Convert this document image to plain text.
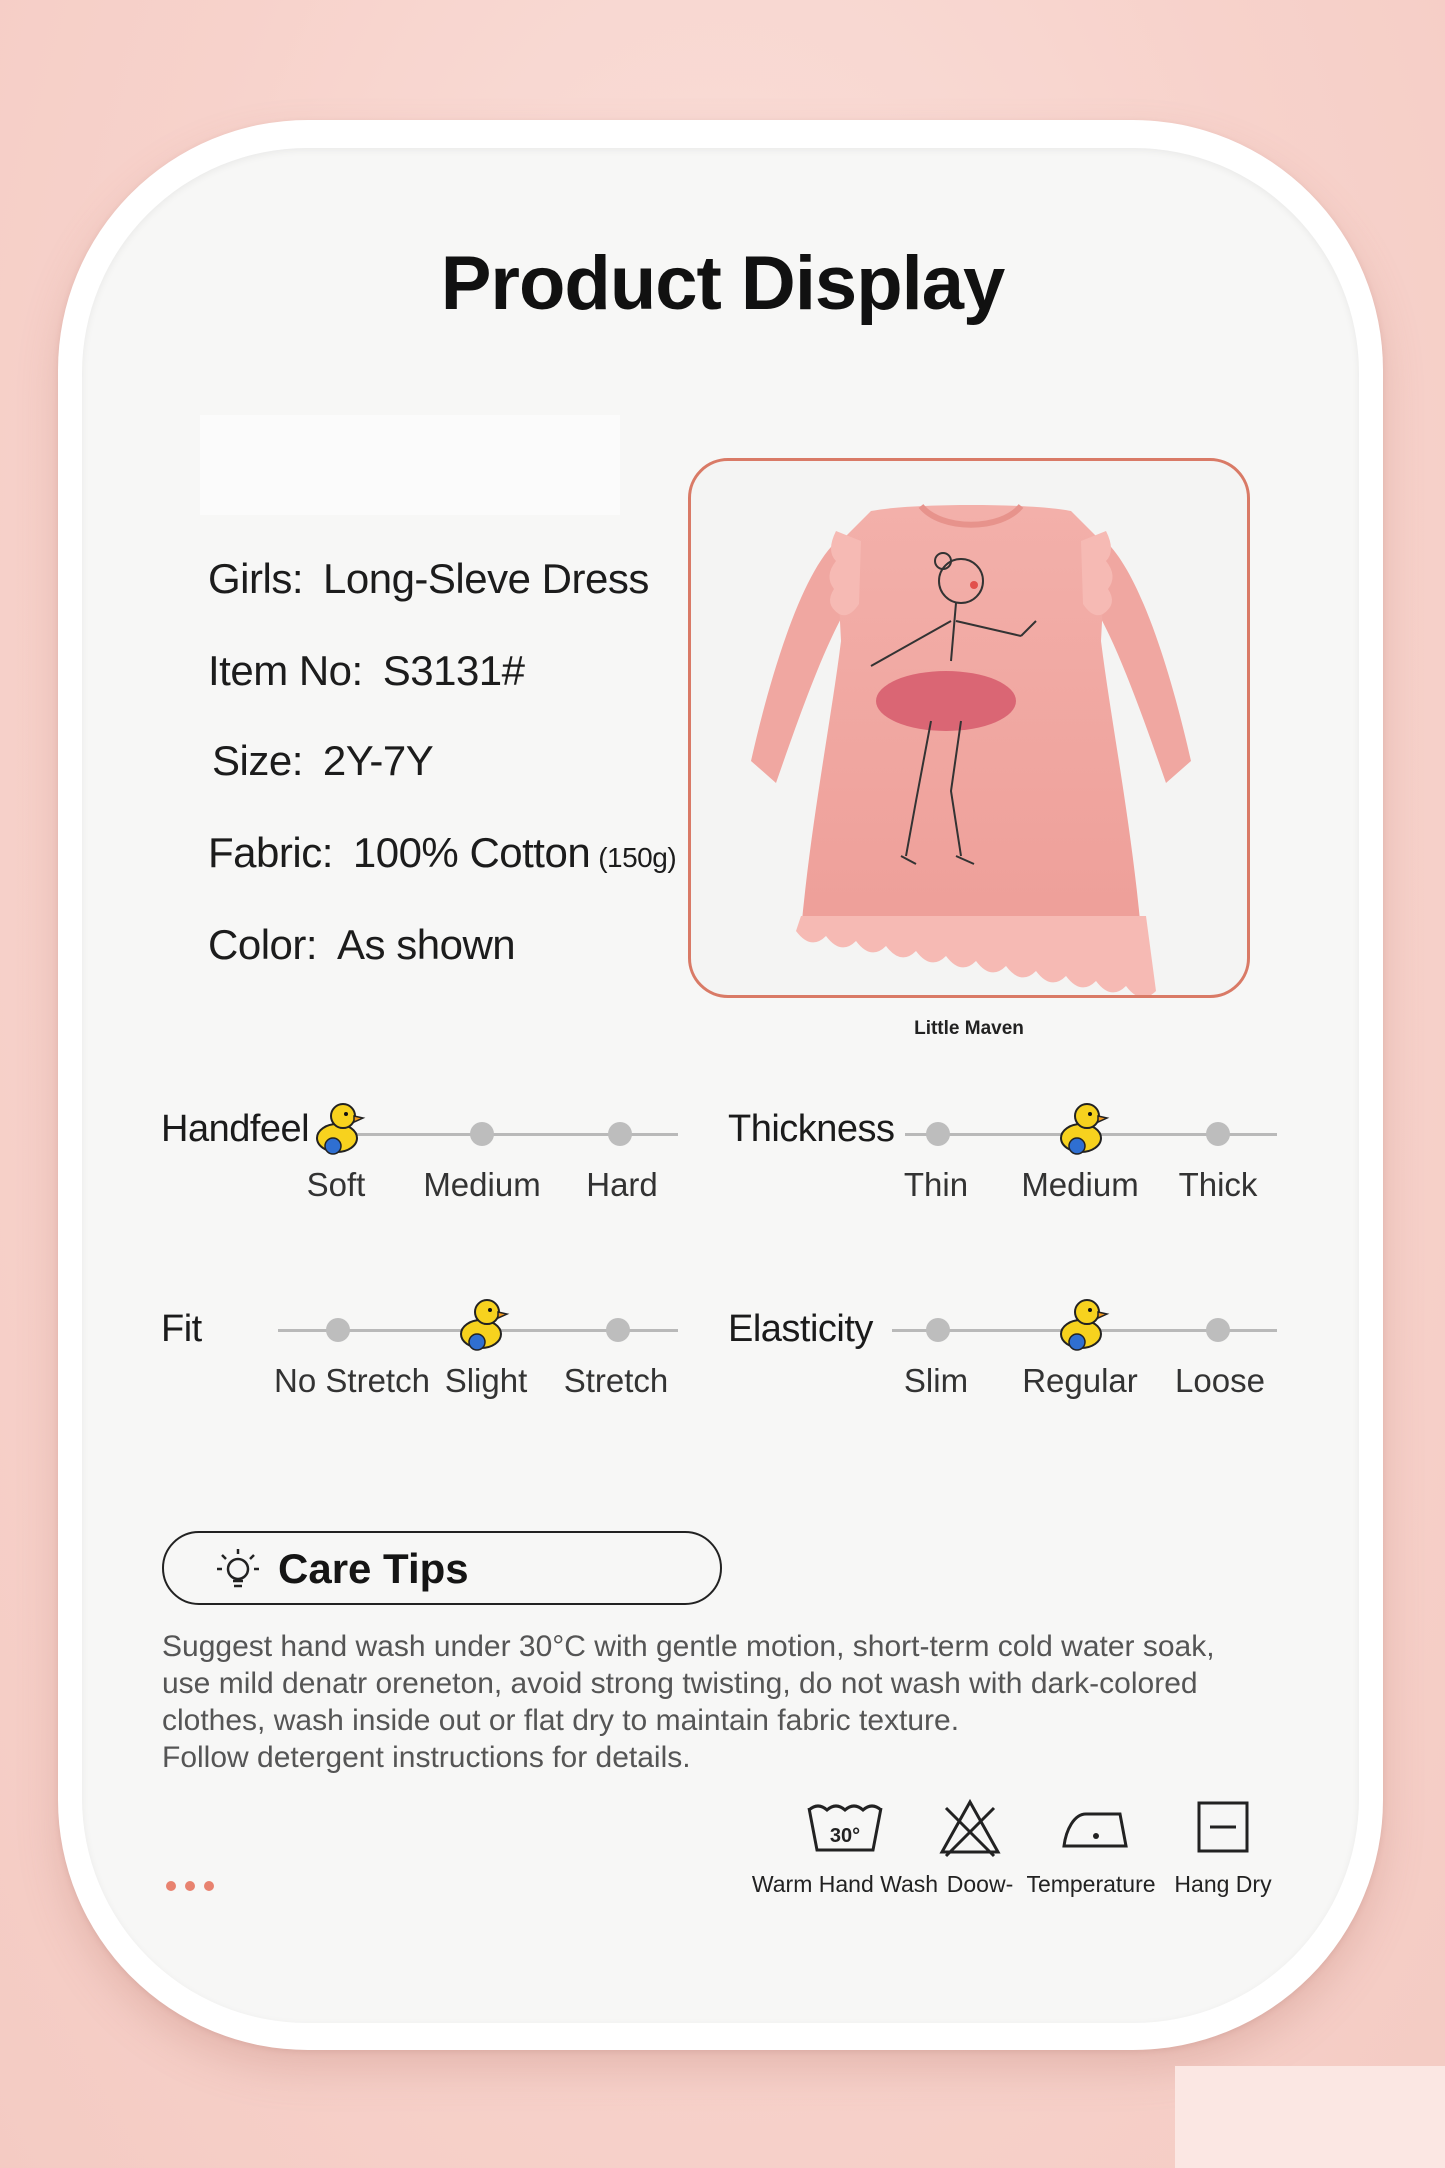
Product Display
Girls: Long-Sleve Dress
Item No: S3131#
Size: 2Y-7Y
Fabric: 100% Cotton (150g)
Color: As shown
Little Maven
Handfeel
Soft Medium Hard
Thickness
Thin Medium Thick
Fit
No Stretch Slight Stretch
Elasticity
Slim Regular Loose
Care Tips

Suggest hand wash under 30°C with gentle motion, short-term cold water soak,

use mild denatr oreneton, avoid strong twisting, do not wash with dark-colored

clothes, wash inside out or flat dry to maintain fabric texture.

Follow detergent instructions for details.

30°
Warm Hand Wash Doow- Temperature Hang Dry
